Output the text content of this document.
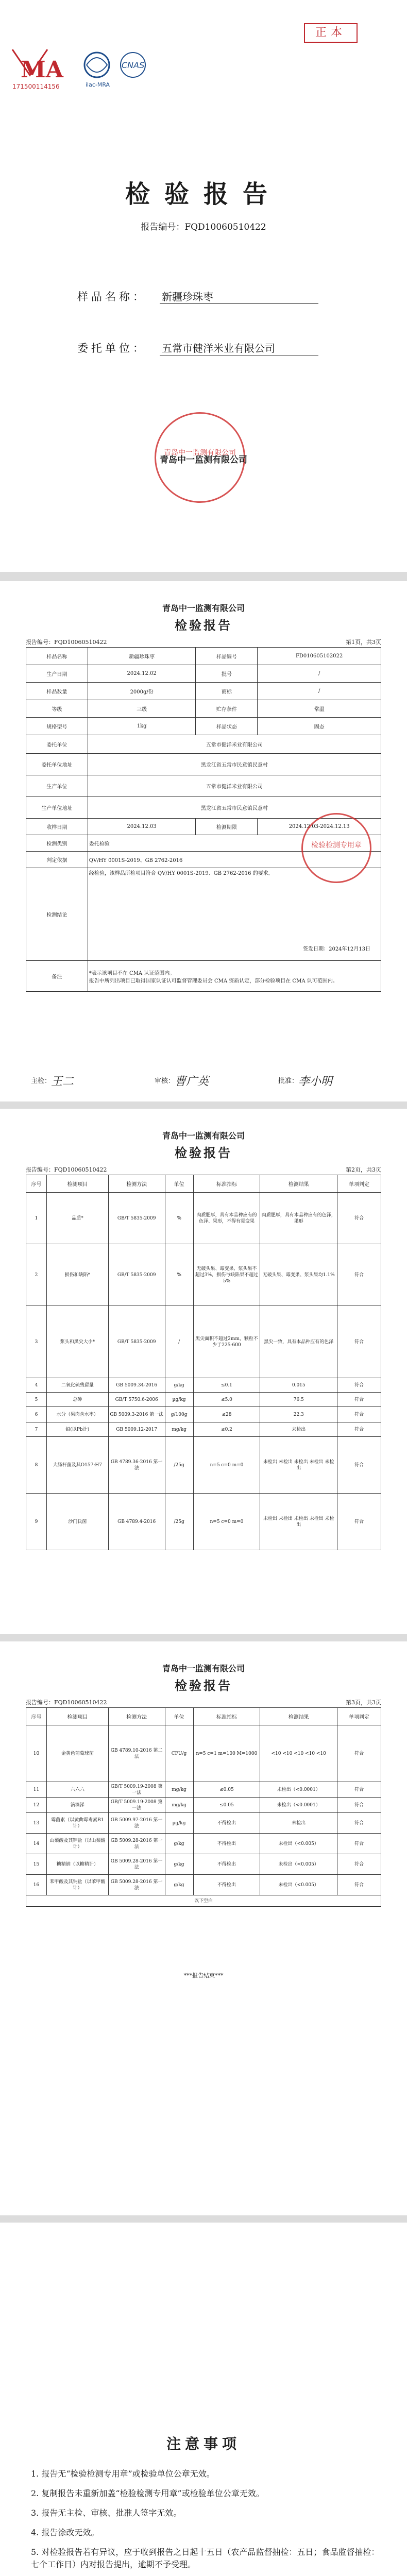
MA
171500114156	ilac-MRA
CNAS
正本
检验报告
报告编号：FQD10060510422
样品名称： 新疆珍珠枣
委托单位： 五常市健洋米业有限公司
青岛中一监测有限公司
青岛中一监测有限公司
青岛中一监测有限公司
检验报告
报告编号：FQD10060510422	第1页，共3页
样品名称	新疆珍珠枣	样品编号	FD010605102022
生产日期	2024.12.02	批号	/
样品数量	2000g/份	商标	/
等级	三级	贮存条件	常温
规格型号	1kg	样品状态	固态
委托单位	五常市健洋米业有限公司		
委托单位地址	黑龙江省五常市民意镇民意村		
生产单位	五常市健洋米业有限公司		
生产单位地址	黑龙江省五常市民意镇民意村		
收样日期	2024.12.03	检测期限	2024.12.03-2024.12.13
检测类别	委托检验		
判定依据	QV/HY 0001S-2019、GB 2762-2016		
检测结论	经检验，该样品所检项目符合 QV/HY 0001S-2019、GB 2762-2016 的要求。
签发日期：2024年12月13日		

备注	*表示该项目不在 CMA 认证范围内。
报告中所列出项目已取得国家认证认可监督管理委员会 CMA 资质认定，部分检验项目在 CMA 认可范围内。		
检验检测专用章
主检：王二	审核：曹广英	批准：李小明
青岛中一监测有限公司
检验报告
报告编号：FQD10060510422	第2页，共3页
序号	检测项目	检测方法	单位	标准指标	检测结果	单项判定
1	品质*	GB/T 5835-2009	%	肉质肥厚，具有本品种应有的色泽、果形，不得有霉变果	肉质肥厚，具有本品种应有的色泽，果形	符合
2	损伤和缺陷*	GB/T 5835-2009	%	无破头果、霉变果、浆头果不超过3%，损伤与缺陷果不超过5%	无破头果、霉变果、浆头果均1.1%	符合
3	浆头和黑尖大小*	GB/T 5835-2009	/	黑尖面积不超过2mm，颗粒不少于225-600	黑尖一致，具有本品种应有的色泽	符合
4	二氧化硫残留量	GB 5009.34-2016	g/kg	≤0.1	0.015	符合
5	总砷	GB/T 5750.6-2006	µg/kg	≤5.0	76.5	符合
6	水分（果肉含水率）	GB 5009.3-2016 第一法	g/100g	≤28	22.3	符合
7	铅(以Pb计)	GB 5009.12-2017	mg/kg	≤0.2	未检出	符合
8	大肠杆菌及其O157:H7	GB 4789.36-2016 第一法	/25g	n=5 c=0 m=0	未检出 未检出 未检出 未检出 未检出	符合
9	沙门氏菌	GB 4789.4-2016	/25g	n=5 c=0 m=0	未检出 未检出 未检出 未检出 未检出	符合
青岛中一监测有限公司
检验报告
报告编号：FQD10060510422	第3页，共3页
序号	检测项目	检测方法	单位	标准指标	检测结果	单项判定
10	金黄色葡萄球菌	GB 4789.10-2016 第二法	CFU/g	n=5 c=1 m=100 M=1000	<10 <10 <10 <10 <10	符合
11	六六六	GB/T 5009.19-2008 第一法	mg/kg	≤0.05	未检出（<0.0001）	符合
12	滴滴涕	GB/T 5009.19-2008 第一法	mg/kg	≤0.05	未检出（<0.0001）	符合
13	霉菌素（以黄曲霉毒素B1计）	GB 5009.97-2016 第一法	µg/kg	不得检出	未检出	符合
14	山梨酸及其钾盐（以山梨酸计）	GB 5009.28-2016 第一法	g/kg	不得检出	未检出（<0.005）	符合
15	糖精钠（以糖精计）	GB 5009.28-2016 第一法	g/kg	不得检出	未检出（<0.005）	符合
16	苯甲酸及其钠盐（以苯甲酸计）	GB 5009.28-2016 第一法	g/kg	不得检出	未检出（<0.005）	符合
以下空白						
***报告结束***
注意事项
1. 报告无“检验检测专用章”或检验单位公章无效。
2. 复制报告未重新加盖“检验检测专用章”或检验单位公章无效。
3. 报告无主检、审核、批准人签字无效。
4. 报告涂改无效。
5. 对检验报告若有异议，应于收到报告之日起十五日（农产品监督抽检：五日；食品监督抽检：七个工作日）内对报告提出，逾期不予受理。
